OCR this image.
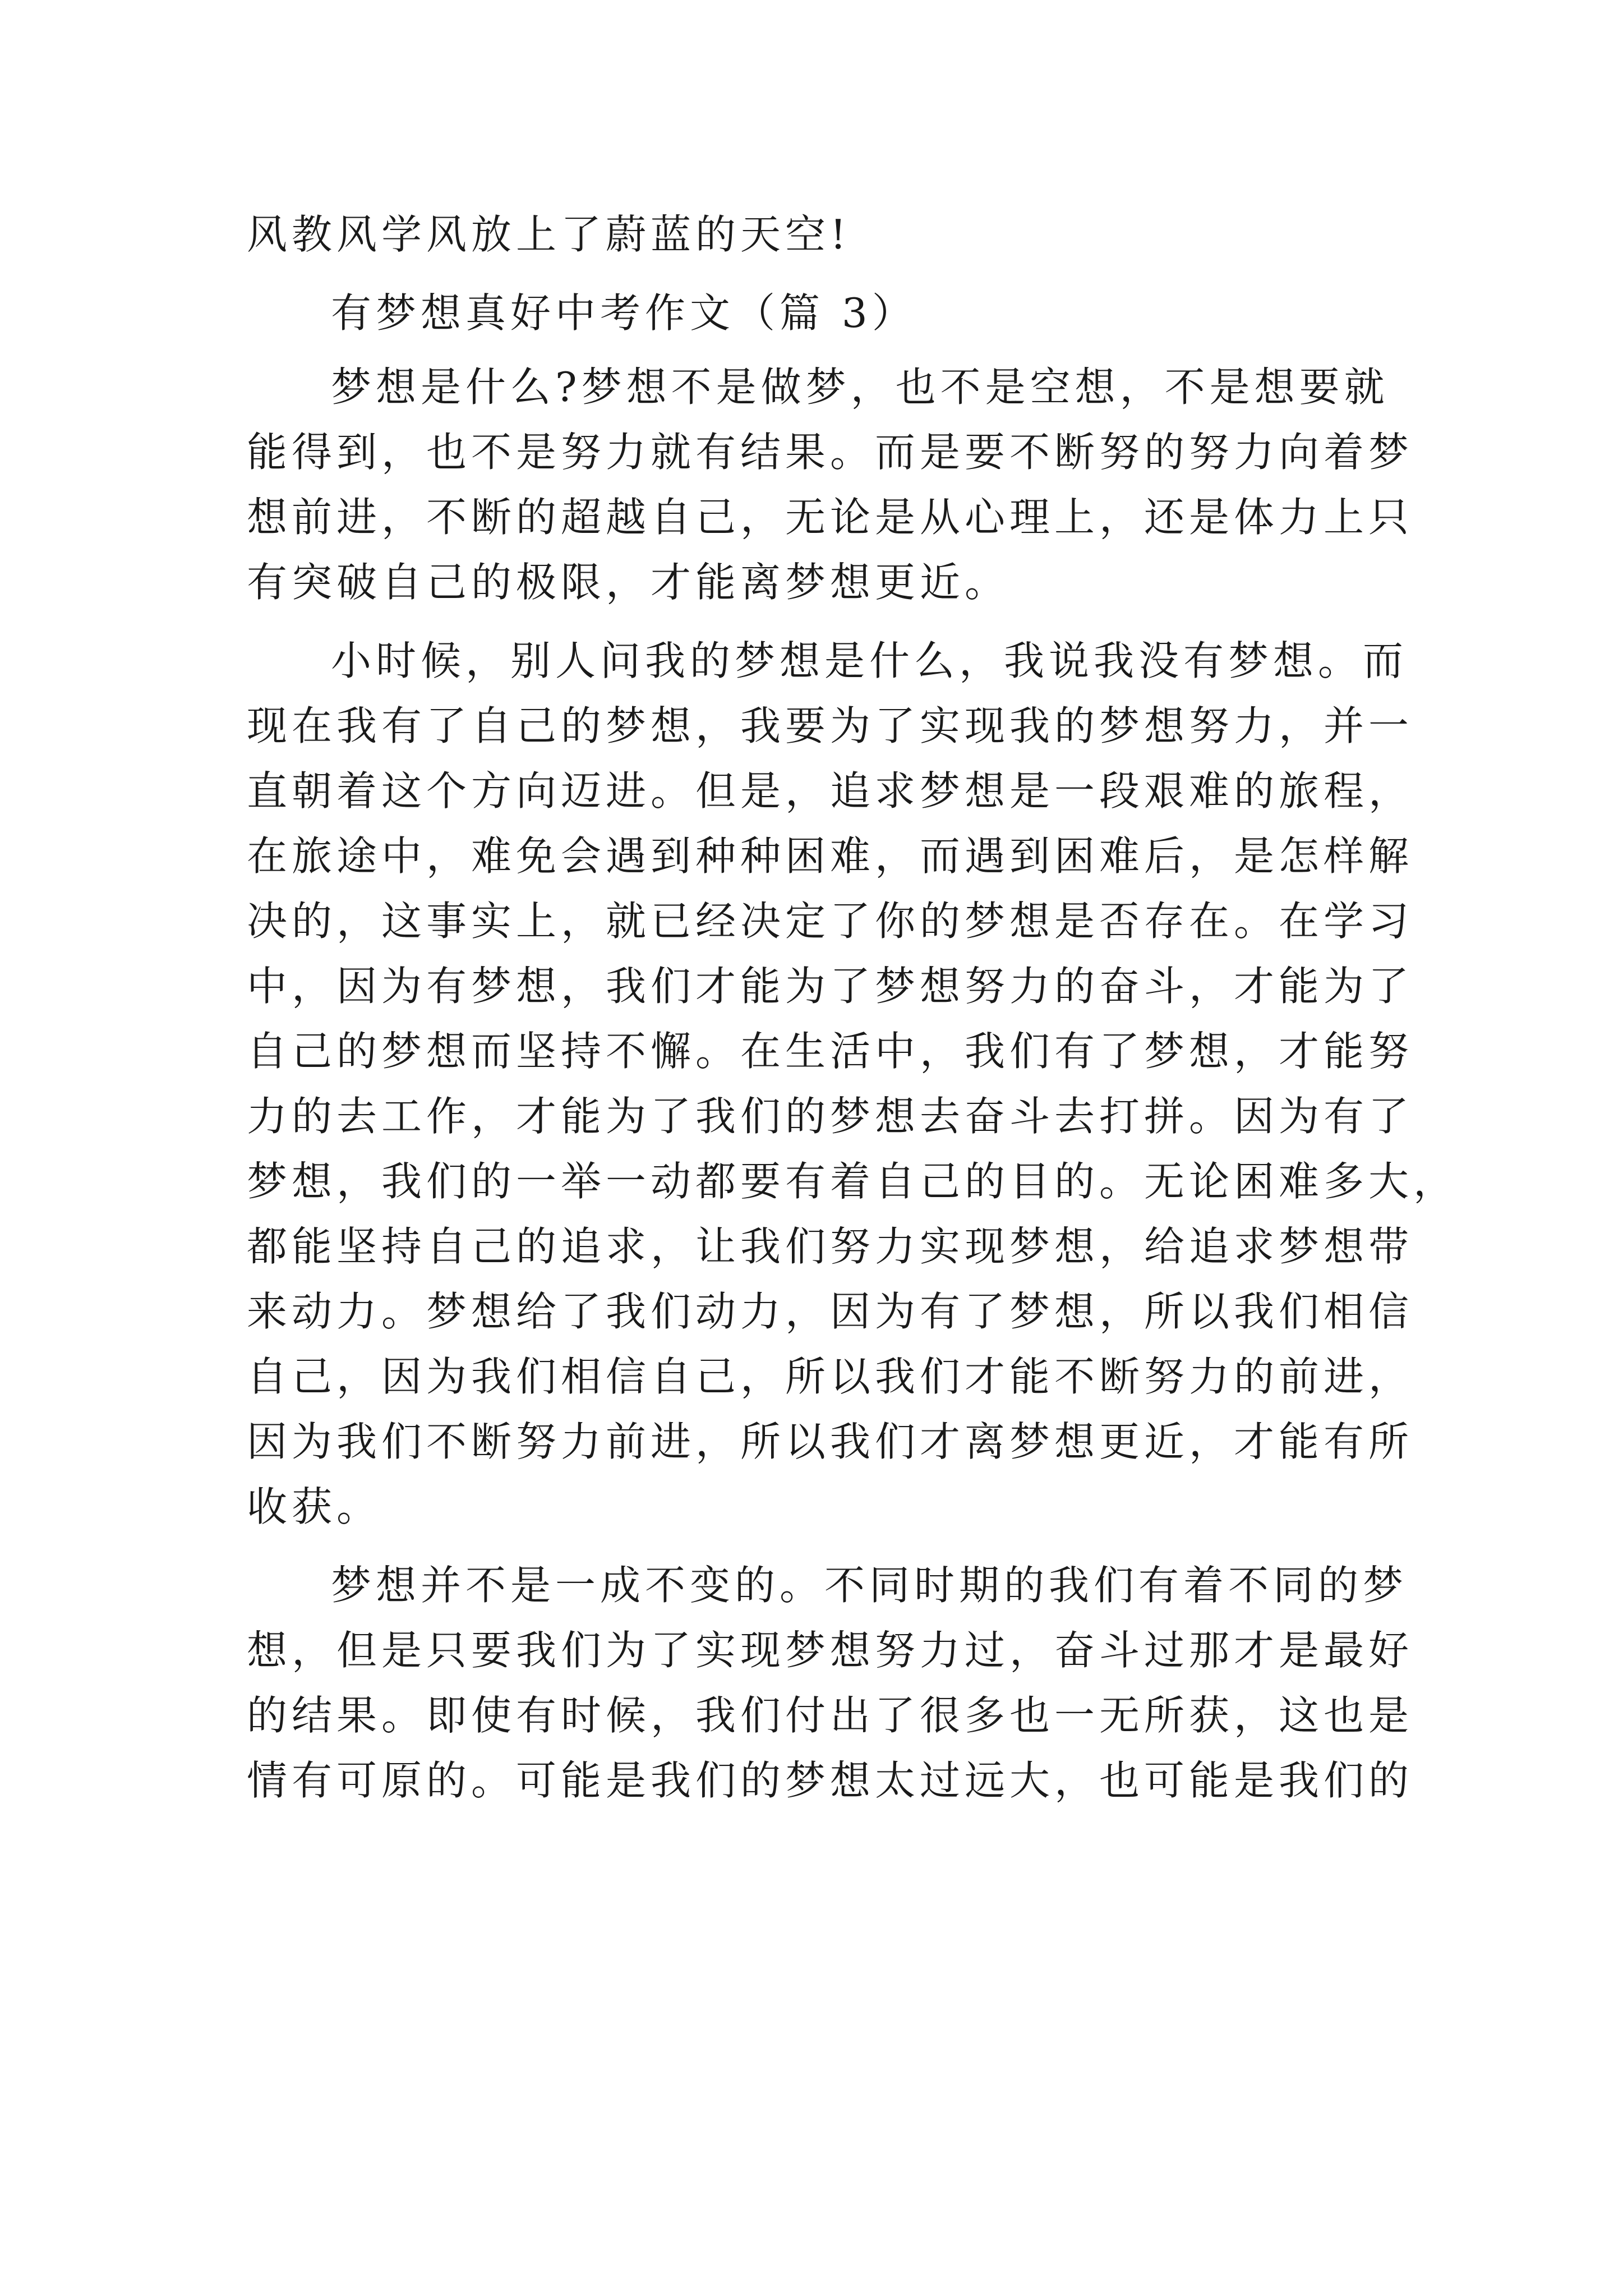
风教风学风放上了蔚蓝的天空!
有梦想真好中考作文（篇 3）
梦想是什么?梦想不是做梦，也不是空想，不是想要就
能得到，也不是努力就有结果。而是要不断努的努力向着梦
想前进，不断的超越自己，无论是从心理上，还是体力上只
有突破自己的极限，才能离梦想更近。
小时候，别人问我的梦想是什么，我说我没有梦想。而
现在我有了自己的梦想，我要为了实现我的梦想努力，并一
直朝着这个方向迈进。但是，追求梦想是一段艰难的旅程，
在旅途中，难免会遇到种种困难，而遇到困难后，是怎样解
决的，这事实上，就已经决定了你的梦想是否存在。在学习
中，因为有梦想，我们才能为了梦想努力的奋斗，才能为了
自己的梦想而坚持不懈。在生活中，我们有了梦想，才能努
力的去工作，才能为了我们的梦想去奋斗去打拼。因为有了
梦想，我们的一举一动都要有着自己的目的。无论困难多大，
都能坚持自己的追求，让我们努力实现梦想，给追求梦想带
来动力。梦想给了我们动力，因为有了梦想，所以我们相信
自己，因为我们相信自己，所以我们才能不断努力的前进，
因为我们不断努力前进，所以我们才离梦想更近，才能有所
收获。
梦想并不是一成不变的。不同时期的我们有着不同的梦
想，但是只要我们为了实现梦想努力过，奋斗过那才是最好
的结果。即使有时候，我们付出了很多也一无所获，这也是
情有可原的。可能是我们的梦想太过远大，也可能是我们的
